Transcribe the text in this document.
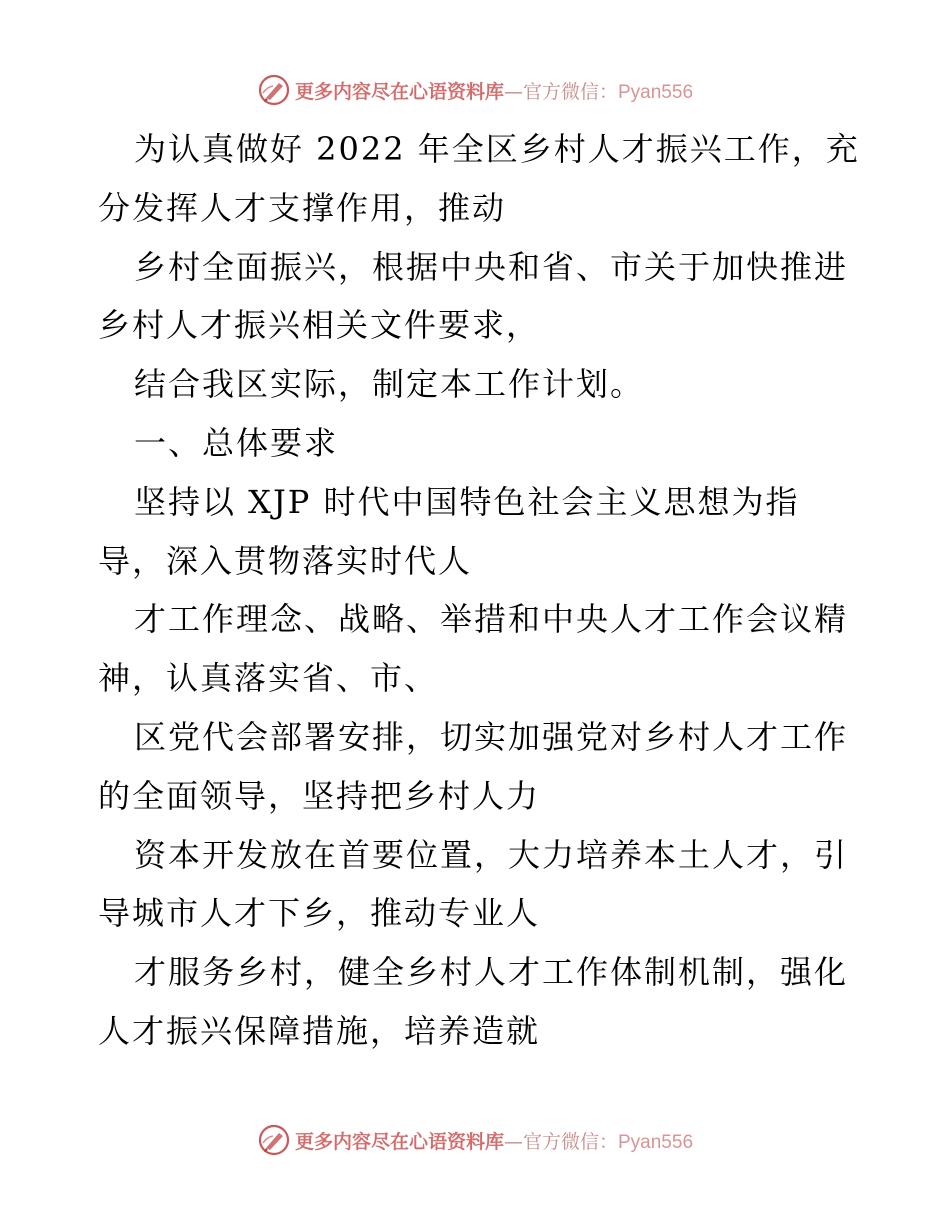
更多内容尽在心语资料库—官方微信：Pyan556
为认真做好 2022 年全区乡村人才振兴工作，充
分发挥人才支撑作用，推动
乡村全面振兴，根据中央和省、市关于加快推进
乡村人才振兴相关文件要求，
结合我区实际，制定本工作计划。
一、总体要求
坚持以 XJP 时代中国特色社会主义思想为指
导，深入贯物落实时代人
才工作理念、战略、举措和中央人才工作会议精
神，认真落实省、市、
区党代会部署安排，切实加强党对乡村人才工作
的全面领导，坚持把乡村人力
资本开发放在首要位置，大力培养本土人才，引
导城市人才下乡，推动专业人
才服务乡村，健全乡村人才工作体制机制，强化
人才振兴保障措施，培养造就
更多内容尽在心语资料库—官方微信：Pyan556
